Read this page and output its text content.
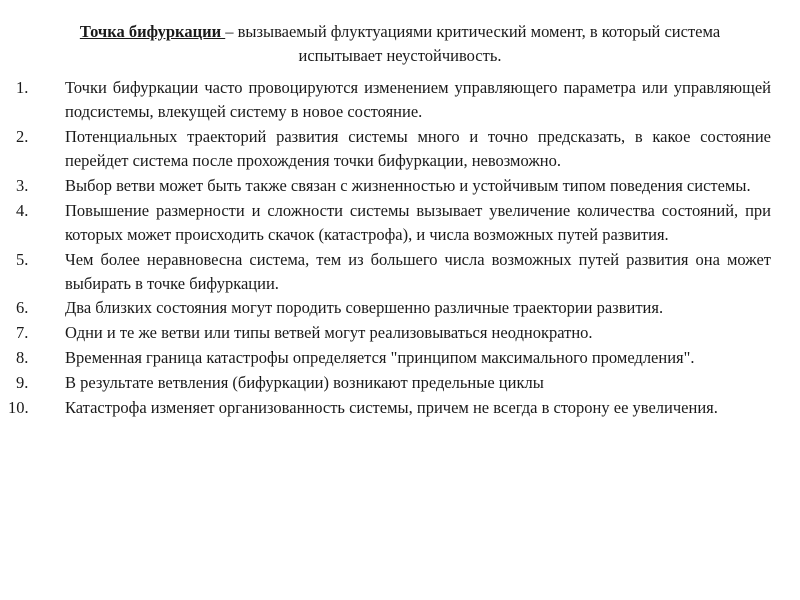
Точка бифуркации – вызываемый флуктуациями критический момент, в который система испытывает неустойчивость.
1.	Точки бифуркации часто провоцируются изменением управляющего параметра или управляющей подсистемы, влекущей систему в новое состояние.
2.	Потенциальных траекторий развития системы много и точно предсказать, в какое состояние перейдет система после прохождения точки бифуркации, невозможно.
3.	Выбор ветви может быть также связан с жизненностью и устойчивым типом поведения системы.
4.	Повышение размерности и сложности системы вызывает увеличение количества состояний, при которых может происходить скачок (катастрофа), и числа возможных путей развития.
5.	Чем более неравновесна система, тем из большего числа возможных путей развития она может выбирать в точке бифуркации.
6.	Два близких состояния могут породить совершенно различные траектории развития.
7.	Одни и те же ветви или типы ветвей могут реализовываться неоднократно.
8.	Временная граница катастрофы определяется "принципом максимального промедления".
9.	В результате ветвления (бифуркации) возникают предельные циклы
10.	Катастрофа изменяет организованность системы, причем не всегда в сторону ее увеличения.
